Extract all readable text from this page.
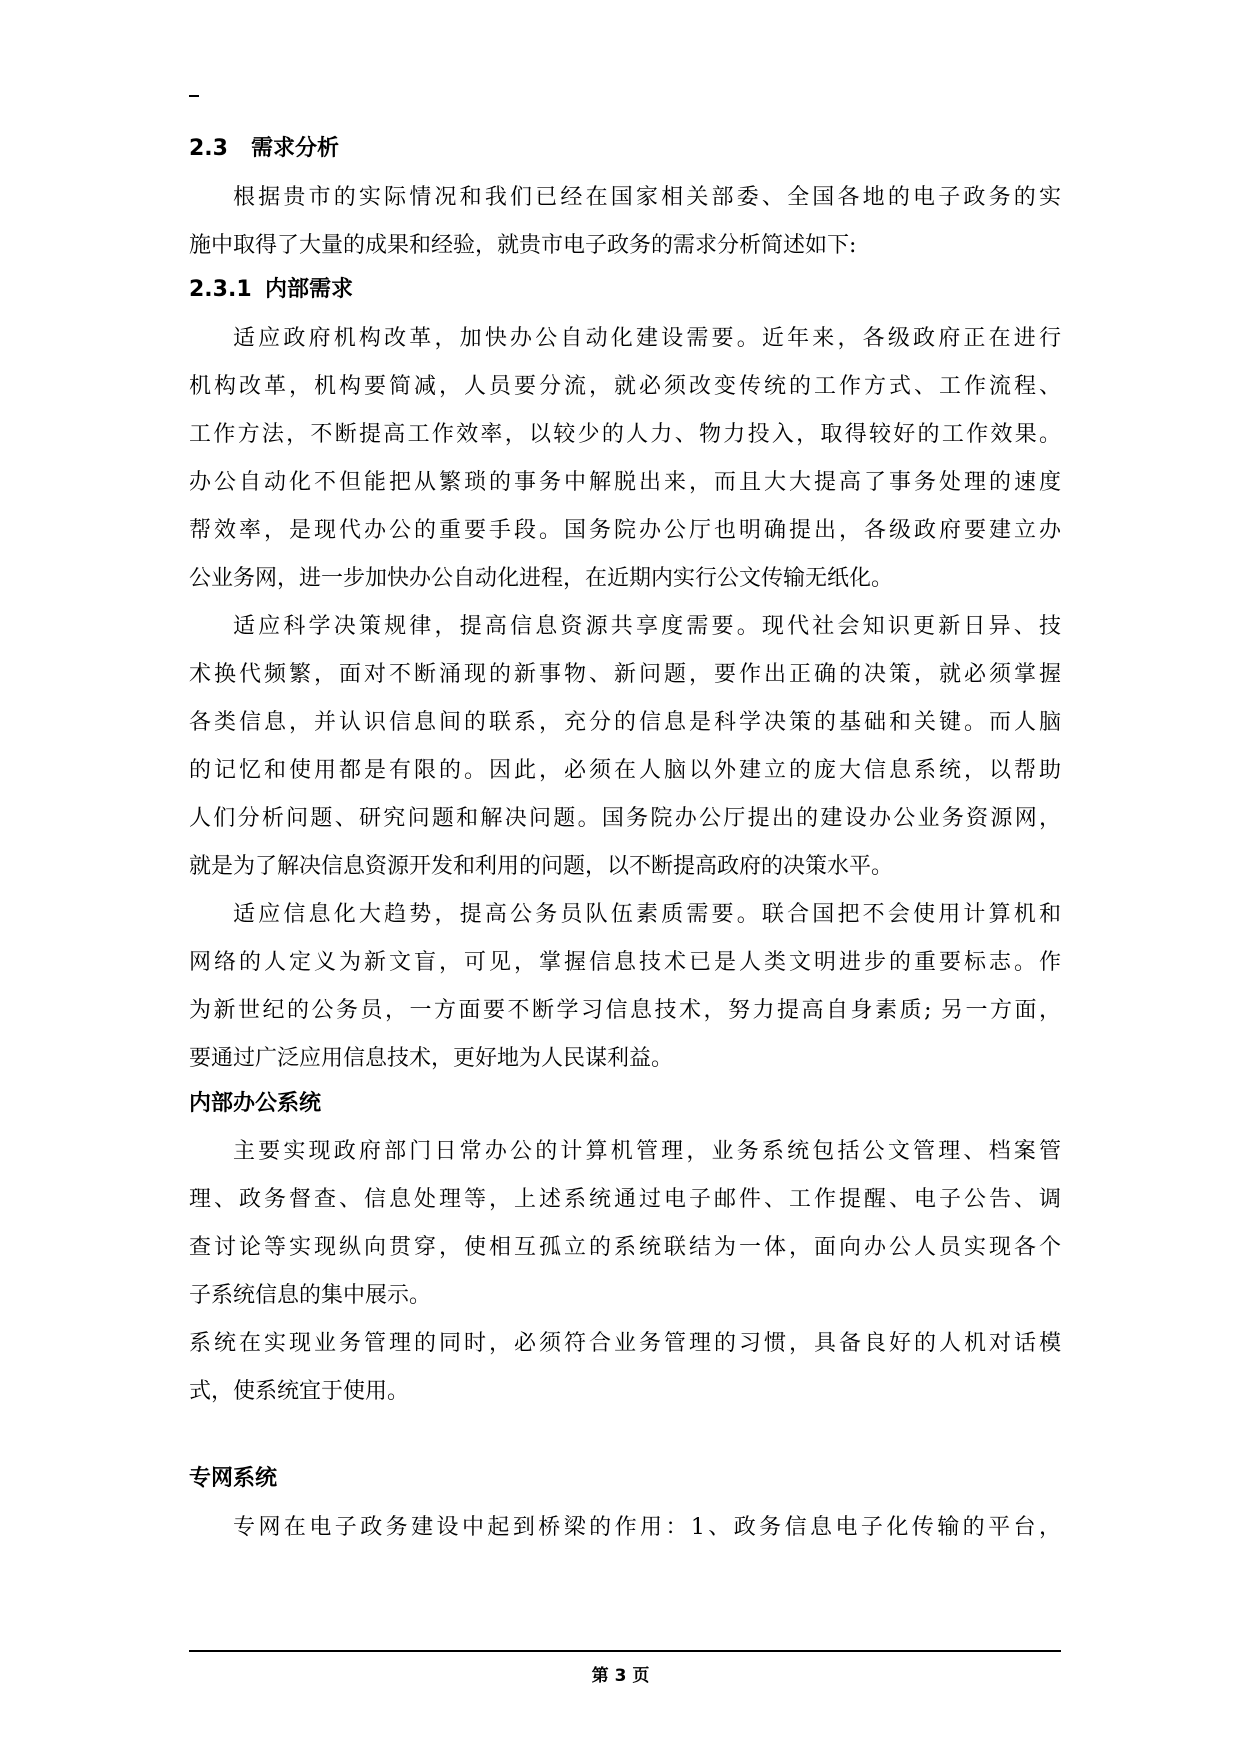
2.3 需求分析
根据贵市的实际情况和我们已经在国家相关部委、全国各地的电子政务的实
施中取得了大量的成果和经验，就贵市电子政务的需求分析简述如下:
2.3.1 内部需求
适应政府机构改革，加快办公自动化建设需要。近年来，各级政府正在进行
机构改革，机构要简减，人员要分流，就必须改变传统的工作方式、工作流程、
工作方法，不断提高工作效率，以较少的人力、物力投入，取得较好的工作效果。
办公自动化不但能把从繁琐的事务中解脱出来，而且大大提高了事务处理的速度
帮效率，是现代办公的重要手段。国务院办公厅也明确提出，各级政府要建立办
公业务网，进一步加快办公自动化进程，在近期内实行公文传输无纸化。
适应科学决策规律，提高信息资源共享度需要。现代社会知识更新日异、技
术换代频繁，面对不断涌现的新事物、新问题，要作出正确的决策，就必须掌握
各类信息，并认识信息间的联系，充分的信息是科学决策的基础和关键。而人脑
的记忆和使用都是有限的。因此，必须在人脑以外建立的庞大信息系统，以帮助
人们分析问题、研究问题和解决问题。国务院办公厅提出的建设办公业务资源网，
就是为了解决信息资源开发和利用的问题，以不断提高政府的决策水平。
适应信息化大趋势，提高公务员队伍素质需要。联合国把不会使用计算机和
网络的人定义为新文盲，可见，掌握信息技术已是人类文明进步的重要标志。作
为新世纪的公务员，一方面要不断学习信息技术，努力提高自身素质; 另一方面，
要通过广泛应用信息技术，更好地为人民谋利益。
内部办公系统
主要实现政府部门日常办公的计算机管理，业务系统包括公文管理、档案管
理、政务督查、信息处理等，上述系统通过电子邮件、工作提醒、电子公告、调
查讨论等实现纵向贯穿，使相互孤立的系统联结为一体，面向办公人员实现各个
子系统信息的集中展示。
系统在实现业务管理的同时，必须符合业务管理的习惯，具备良好的人机对话模
式，使系统宜于使用。
专网系统
专网在电子政务建设中起到桥梁的作用：1、政务信息电子化传输的平台，
第 3 页
